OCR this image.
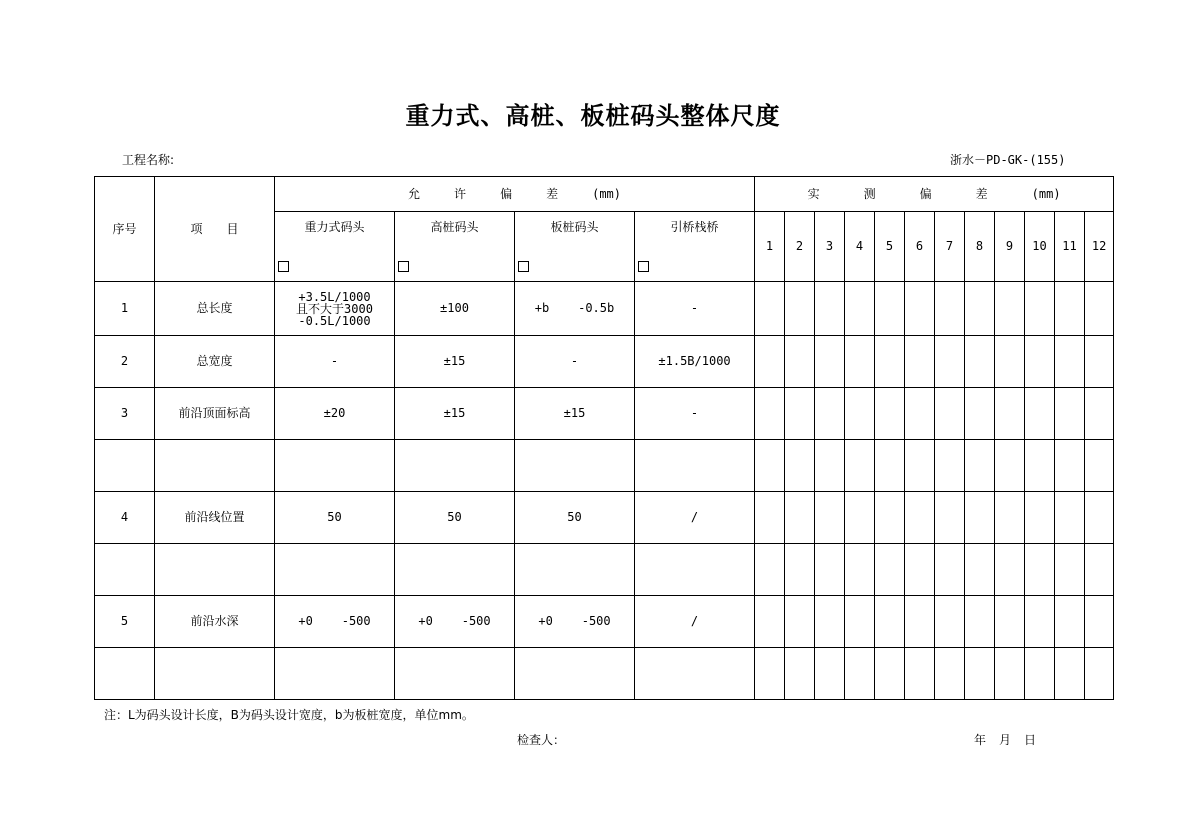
重力式、高桩、板桩码头整体尺度
工程名称:	浙水－PD-GK-(155)
序号	项　　目	允 许 偏 差 (mm)				实 测 偏 差 (mm)											

		重力式码头	高桩码头	板桩码头	引桥栈桥	1	2	3	4	5	6	7	8	9	10	11	12
1	总长度	+3.5L/1000
且不大于3000
-0.5L/1000	±100	+b -0.5b	-												
2	总宽度	-	±15	-	±1.5B/1000												
3	前沿顶面标高	±20	±15	±15	-												

4	前沿线位置	50	50	50	/												

5	前沿水深	+0 -500	+0 -500	+0 -500	/												

注：L为码头设计长度，B为码头设计宽度，b为板桩宽度，单位mm。
检查人：	年 月 日
